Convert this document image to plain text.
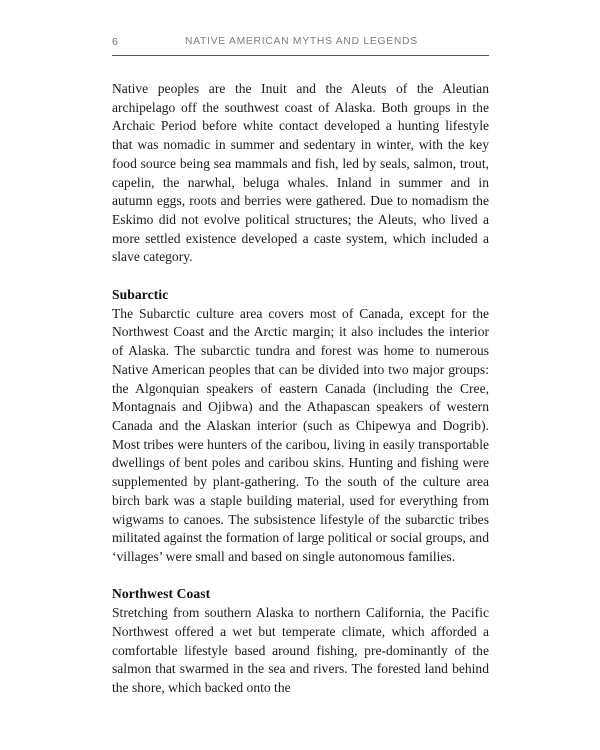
6	NATIVE AMERICAN MYTHS AND LEGENDS

Native peoples are the Inuit and the Aleuts of the Aleutian archipelago off the southwest coast of Alaska. Both groups in the Archaic Period before white contact developed a hunting lifestyle that was nomadic in summer and sedentary in winter, with the key food source being sea mammals and fish, led by seals, salmon, trout, capelin, the narwhal, beluga whales. Inland in summer and in autumn eggs, roots and berries were gathered. Due to nomadism the Eskimo did not evolve political structures; the Aleuts, who lived a more settled existence developed a caste system, which included a slave category.

Subarctic

The Subarctic culture area covers most of Canada, except for the Northwest Coast and the Arctic margin; it also includes the interior of Alaska. The subarctic tundra and forest was home to numerous Native American peoples that can be divided into two major groups: the Algonquian speakers of eastern Canada (including the Cree, Montagnais and Ojibwa) and the Athapascan speakers of western Canada and the Alaskan interior (such as Chipewya and Dogrib). Most tribes were hunters of the caribou, living in easily transportable dwellings of bent poles and caribou skins. Hunting and fishing were supplemented by plant-gathering. To the south of the culture area birch bark was a staple building material, used for everything from wigwams to canoes. The subsistence lifestyle of the subarctic tribes militated against the formation of large political or social groups, and ‘villages’ were small and based on single autonomous families.

Northwest Coast

Stretching from southern Alaska to northern California, the Pacific Northwest offered a wet but temperate climate, which afforded a comfortable lifestyle based around fishing, pre-dominantly of the salmon that swarmed in the sea and rivers. The forested land behind the shore, which backed onto the
